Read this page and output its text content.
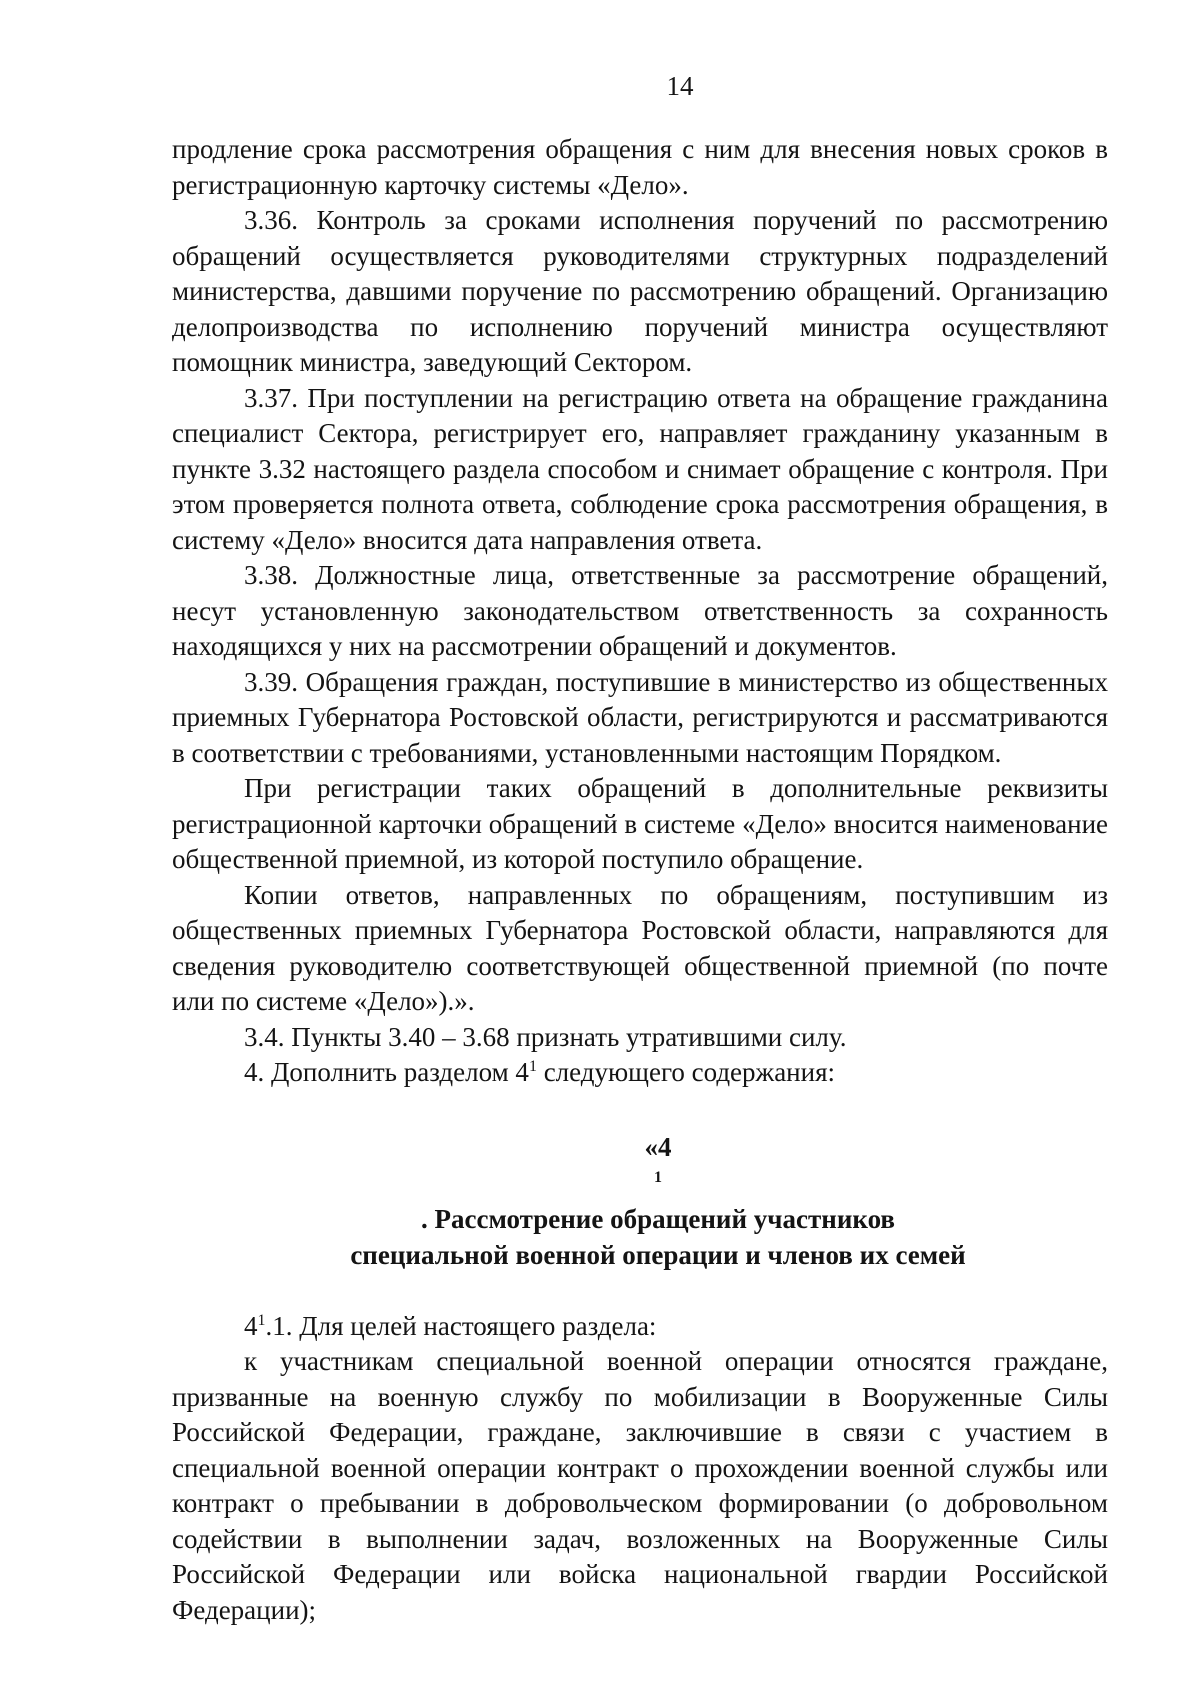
14

продление срока рассмотрения обращения с ним для внесения новых сроков в регистрационную карточку системы «Дело».

3.36. Контроль за сроками исполнения поручений по рассмотрению обращений осуществляется руководителями структурных подразделений министерства, давшими поручение по рассмотрению обращений. Организацию делопроизводства по исполнению поручений министра осуществляют помощник министра, заведующий Сектором.

3.37. При поступлении на регистрацию ответа на обращение гражданина специалист Сектора, регистрирует его, направляет гражданину указанным в пункте 3.32 настоящего раздела способом и снимает обращение с контроля. При этом проверяется полнота ответа, соблюдение срока рассмотрения обращения, в систему «Дело» вносится дата направления ответа.

3.38. Должностные лица, ответственные за рассмотрение обращений, несут установленную законодательством ответственность за сохранность находящихся у них на рассмотрении обращений и документов.

3.39. Обращения граждан, поступившие в министерство из общественных приемных Губернатора Ростовской области, регистрируются и рассматриваются в соответствии с требованиями, установленными настоящим Порядком.

При регистрации таких обращений в дополнительные реквизиты регистрационной карточки обращений в системе «Дело» вносится наименование общественной приемной, из которой поступило обращение.

Копии ответов, направленных по обращениям, поступившим из общественных приемных Губернатора Ростовской области, направляются для сведения руководителю соответствующей общественной приемной (по почте или по системе «Дело»).».

3.4. Пункты 3.40 – 3.68 признать утратившими силу.

4. Дополнить разделом $4^1$ следующего содержания:

«4
$^1$
. Рассмотрение обращений участников
специальной военной операции и членов их семей

$4^1.1$. Для целей настоящего раздела:

к участникам специальной военной операции относятся граждане, призванные на военную службу по мобилизации в Вооруженные Силы Российской Федерации, граждане, заключившие в связи с участием в специальной военной операции контракт о прохождении военной службы или контракт о пребывании в добровольческом формировании (о добровольном содействии в выполнении задач, возложенных на Вооруженные Силы Российской Федерации или войска национальной гвардии Российской Федерации);
